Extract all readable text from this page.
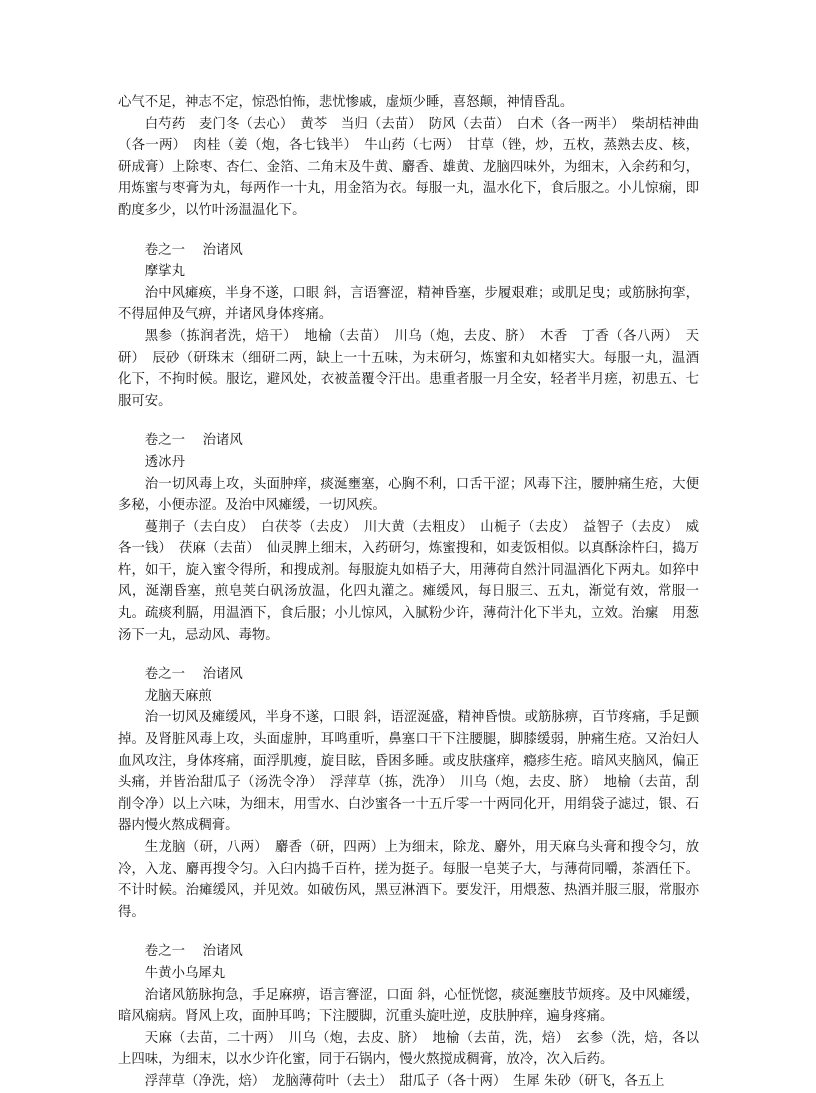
心气不足，神志不定，惊恐怕怖，悲忧惨戚，虚烦少睡，喜怒颠，神情昏乱。
白芍药　麦门冬（去心）　黄芩　当归（去苗）　防风（去苗）　白术（各一两半）　柴胡桔神曲（各一两）　肉桂（姜（炮，各七钱半）　牛山药（七两）　甘草（锉，炒，五枚，蒸熟去皮、核，研成膏）上除枣、杏仁、金箔、二角末及牛黄、麝香、雄黄、龙脑四味外，为细末，入余药和匀，用炼蜜与枣膏为丸，每两作一十丸，用金箔为衣。每服一丸，温水化下，食后服之。小儿惊痫，即酌度多少，以竹叶汤温温化下。
卷之一　 治诸风
摩挲丸
治中风瘫痪，半身不遂，口眼 斜，言语謇涩，精神昏塞，步履艰难；或肌足曳；或筋脉拘挛，不得屈伸及气痹，并诸风身体疼痛。
黑参（拣润者洗，焙干）　地榆（去苗）　川乌（炮，去皮、脐）　木香　丁香（各八两）　天研）　辰砂（研珠末（细研二两，缺上一十五味，为末研匀，炼蜜和丸如楮实大。每服一丸，温酒化下，不拘时候。服讫，避风处，衣被盖覆令汗出。患重者服一月全安，轻者半月瘥，初患五、七服可安。
卷之一　 治诸风
透冰丹
治一切风毒上攻，头面肿痒，痰涎壅塞，心胸不利，口舌干涩；风毒下注，腰肿痛生疮，大便多秘，小便赤涩。及治中风瘫缓，一切风疾。
蔓荆子（去白皮）　白茯苓（去皮）　川大黄（去粗皮）　山栀子（去皮）　益智子（去皮）　威各一钱）　茯麻（去苗）　仙灵脾上细末，入药研匀，炼蜜搜和，如麦饭相似。以真酥涂杵臼，捣万杵，如干，旋入蜜令得所，和搜成剂。每服旋丸如梧子大，用薄荷自然汁同温酒化下两丸。如猝中风，涎潮昏塞，煎皂荚白矾汤放温，化四丸灌之。瘫缓风，每日服三、五丸，渐觉有效，常服一丸。疏痰利膈，用温酒下，食后服；小儿惊风，入腻粉少许，薄荷汁化下半丸，立效。治瘰　用葱汤下一丸，忌动风、毒物。
卷之一　 治诸风
龙脑天麻煎
治一切风及瘫缓风，半身不遂，口眼 斜，语涩涎盛，精神昏愦。或筋脉痹，百节疼痛，手足颤掉。及肾脏风毒上攻，头面虚肿，耳鸣重听，鼻塞口干下注腰腿，脚膝缓弱，肿痛生疮。又治妇人血风攻注，身体疼痛，面浮肌瘦，旋目眩，昏困多睡。或皮肤瘙痒，瘾疹生疮。暗风夹脑风，偏正头痛，并皆治甜瓜子（汤洗令净）　浮萍草（拣，洗净）　川乌（炮，去皮、脐）　地榆（去苗，刮削令净）以上六味，为细末，用雪水、白沙蜜各一十五斤零一十两同化开，用绢袋子滤过，银、石器内慢火熬成稠膏。
生龙脑（研，八两）　麝香（研，四两）上为细末，除龙、麝外，用天麻乌头膏和搜令匀，放冷，入龙、麝再搜令匀。入臼内捣千百杵，搓为挺子。每服一皂荚子大，与薄荷同嚼，茶酒任下。不计时候。治瘫缓风，并见效。如破伤风，黑豆淋酒下。要发汗，用煨葱、热酒并服三服，常服亦得。
卷之一　 治诸风
牛黄小乌犀丸
治诸风筋脉拘急，手足麻痹，语言謇涩，口面 斜，心怔恍惚，痰涎壅肢节烦疼。及中风瘫缓，暗风痫病。肾风上攻，面肿耳鸣；下注腰脚，沉重头旋吐逆，皮肤肿痒，遍身疼痛。
天麻（去苗，二十两）　川乌（炮，去皮、脐）　地榆（去苗，洗，焙）　玄参（洗，焙，各以上四味，为细末，以水少许化蜜，同于石锅内，慢火熬搅成稠膏，放冷，次入后药。
浮萍草（净洗，焙）　龙脑薄荷叶（去土）　甜瓜子（各十两）　生犀 朱砂（研飞，各五上
